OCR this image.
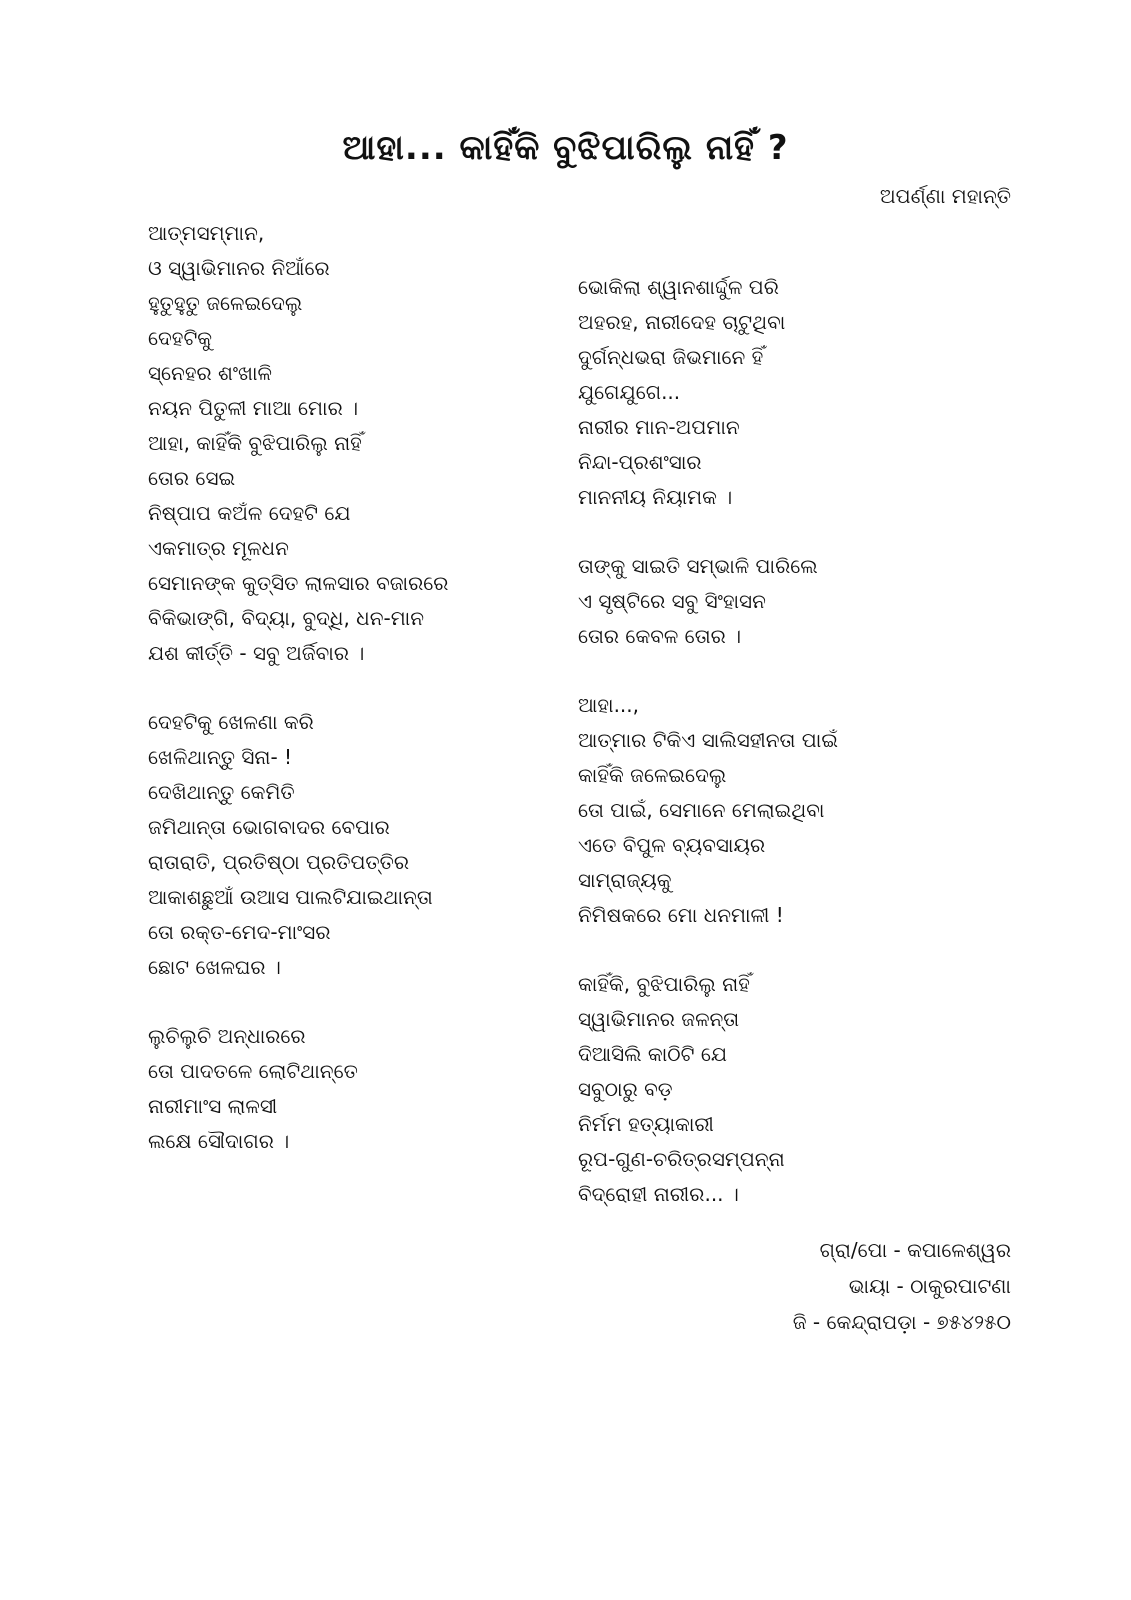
ଆହା... କାହିଁକି ବୁଝିପାରିଲୁ ନାହିଁ ?
ଅପର୍ଣ୍ଣା ମହାନ୍ତି
ଆତ୍ମସମ୍ମାନ,
ଓ ସ୍ୱାଭିମାନର ନିଆଁରେ
ହୁତୁହୁତୁ ଜଳେଇଦେଲୁ
ଦେହଟିକୁ
ସ୍ନେହର ଶଂଖାଳି
ନୟନ ପିତୁଳୀ ମାଆ ମୋର ।
ଆହା, କାହିଁକି ବୁଝିପାରିଲୁ ନାହିଁ
ତୋର ସେଇ
ନିଷ୍ପାପ କଅଁଳ ଦେହଟି ଯେ
ଏକମାତ୍ର ମୂଳଧନ
ସେମାନଙ୍କ କୁତ୍ସିତ ଲାଳସାର ବଜାରରେ
ବିକିଭାଙ୍ଗି, ବିଦ୍ୟା, ବୁଦ୍ଧି, ଧନ-ମାନ
ଯଶ କୀର୍ତ୍ତି - ସବୁ ଅର୍ଜିବାର ।
ଦେହଟିକୁ ଖେଳଣା କରି
ଖେଳିଥାନ୍ତୁ ସିନା- !
ଦେଖିଥାନ୍ତୁ କେମିତି
ଜମିଥାନ୍ତା ଭୋଗବାଦର ବେପାର
ରାତାରାତି, ପ୍ରତିଷ୍ଠା ପ୍ରତିପତ୍ତିର
ଆକାଶଛୁଆଁ ଉଆସ ପାଲଟିଯାଇଥାନ୍ତା
ତୋ ରକ୍ତ-ମେଦ-ମାଂସର
ଛୋଟ ଖେଳଘର ।
ଲୁଚିଲୁଚି ଅନ୍ଧାରରେ
ତୋ ପାଦତଳେ ଲୋଟିଥାନ୍ତେ
ନାରୀମାଂସ ଲାଳସୀ
ଲକ୍ଷେ ସୌଦାଗର ।
ଭୋକିଲା ଶ୍ୱାନଶାର୍ଦ୍ଦୁଳ ପରି
ଅହରହ, ନାରୀଦେହ ଚାଟୁଥିବା
ଦୁର୍ଗନ୍ଧଭରା ଜିଭମାନେ ହିଁ
ଯୁଗେଯୁଗେ...
ନାରୀର ମାନ-ଅପମାନ
ନିନ୍ଦା-ପ୍ରଶଂସାର
ମାନନୀୟ ନିୟାମକ ।
ତାଙ୍କୁ ସାଇତି ସମ୍ଭାଳି ପାରିଲେ
ଏ ସୃଷ୍ଟିରେ ସବୁ ସିଂହାସନ
ତୋର କେବଳ ତୋର ।
ଆହା...,
ଆତ୍ମାର ଟିକିଏ ସାଲିସହୀନତା ପାଇଁ
କାହିଁକି ଜଳେଇଦେଲୁ
ତୋ ପାଇଁ, ସେମାନେ ମେଲାଇଥିବା
ଏତେ ବିପୁଳ ବ୍ୟବସାୟର
ସାମ୍ରାଜ୍ୟକୁ
ନିମିଷକରେ ମୋ ଧନମାଳୀ !
କାହିଁକି, ବୁଝିପାରିଲୁ ନାହିଁ
ସ୍ୱାଭିମାନର ଜଳନ୍ତା
ଦିଆସିଲି କାଠିଟି ଯେ
ସବୁଠାରୁ ବଡ଼
ନିର୍ମମ ହତ୍ୟାକାରୀ
ରୂପ-ଗୁଣ-ଚରିତ୍ରସମ୍ପନ୍ନା
ବିଦ୍ରୋହୀ ନାରୀର... ।
ଗ୍ରା/ପୋ - କପାଳେଶ୍ୱର
ଭାୟା - ଠାକୁରପାଟଣା
ଜି - କେନ୍ଦ୍ରାପଡ଼ା - ୭୫୪୨୫୦
